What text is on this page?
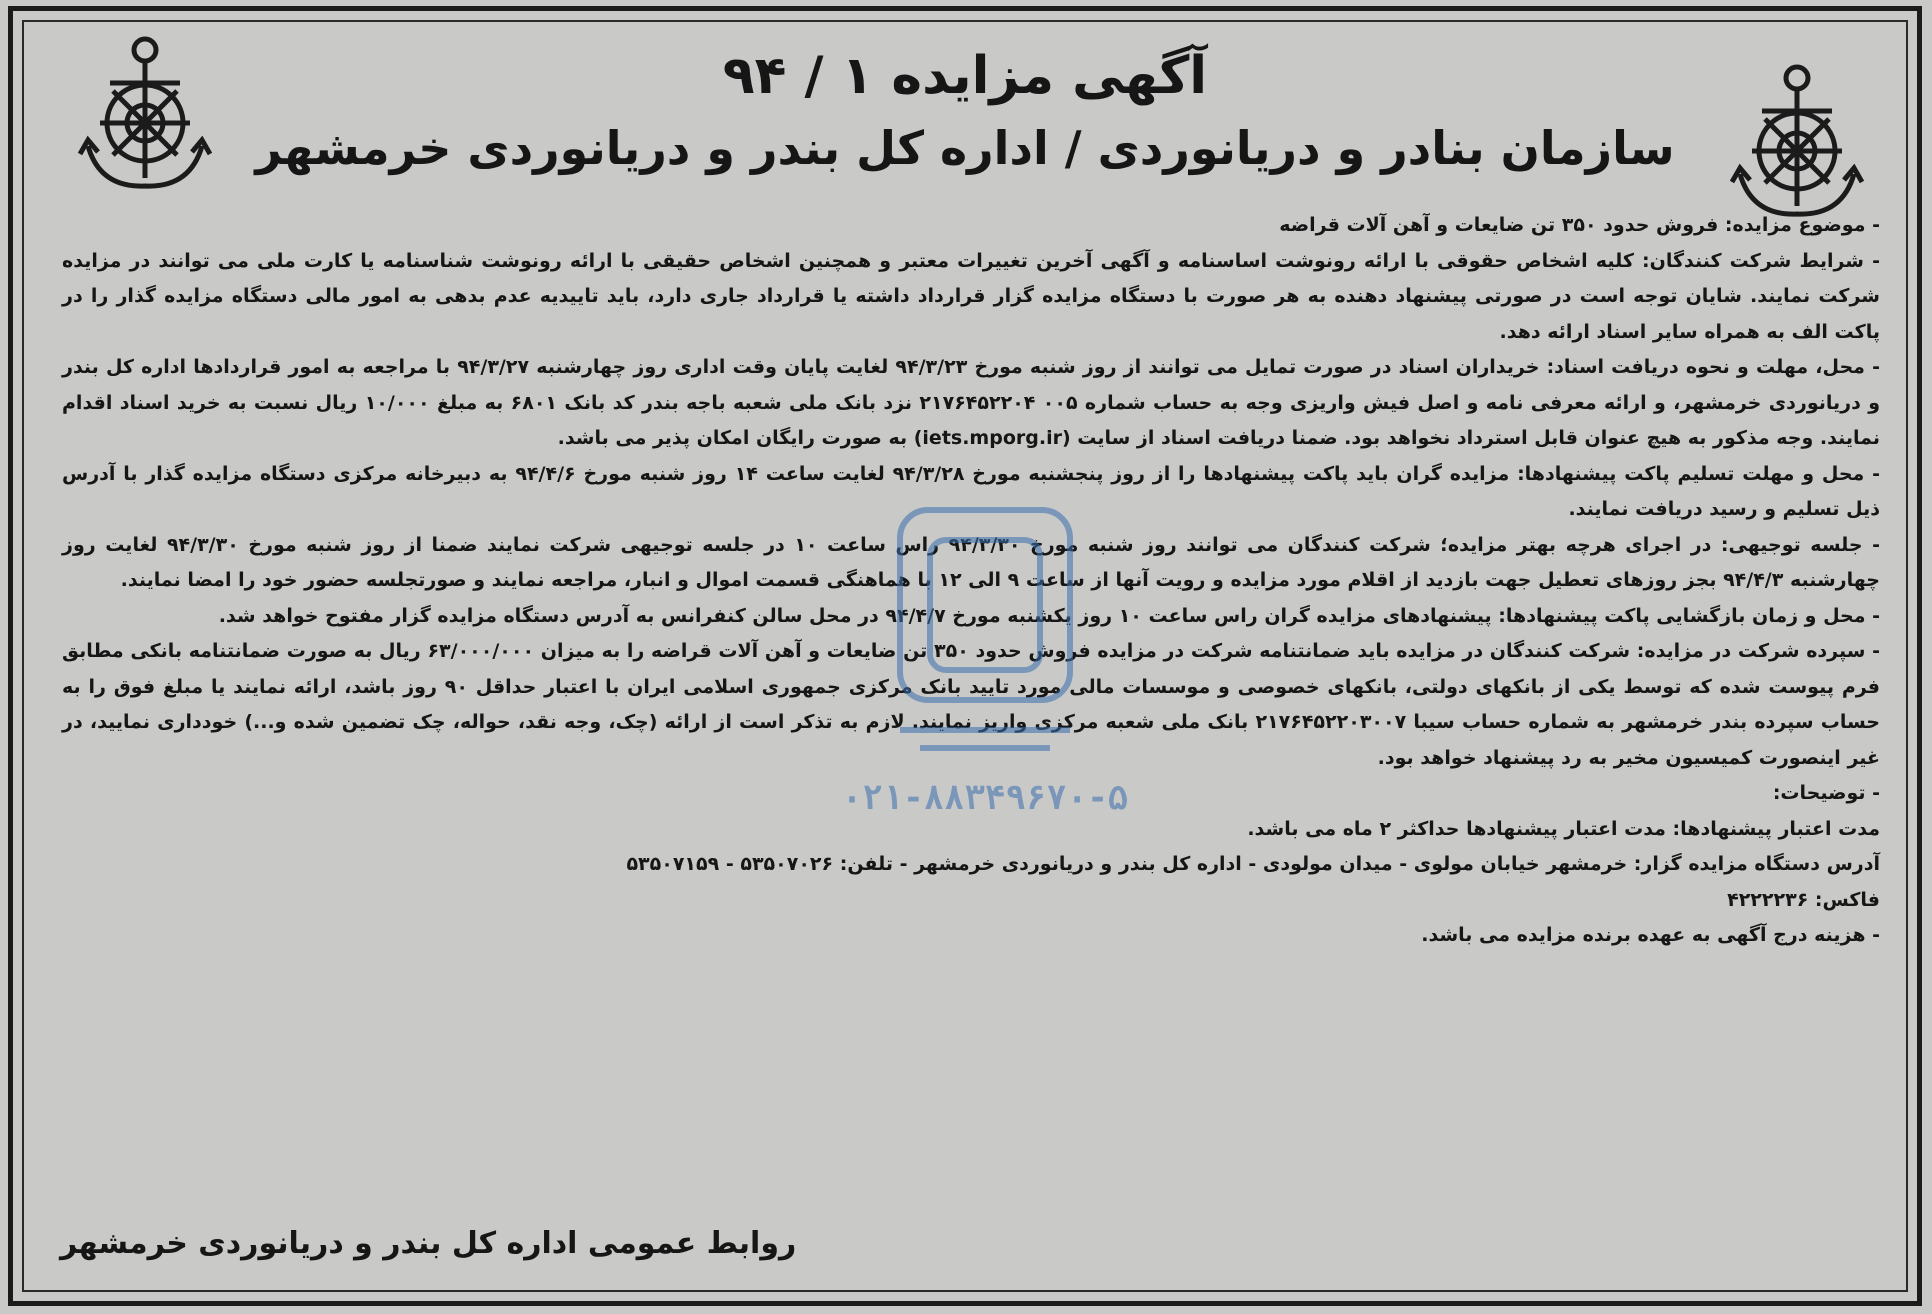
آگهی مزایده ۱ / ۹۴
سازمان بنادر و دریانوردی / اداره کل بندر و دریانوردی خرمشهر

- موضوع مزایده: فروش حدود ۳۵۰ تن ضایعات و آهن آلات قراضه

- شرایط شرکت کنندگان: کلیه اشخاص حقوقی با ارائه رونوشت اساسنامه و آگهی آخرین تغییرات معتبر و همچنین اشخاص حقیقی با ارائه رونوشت شناسنامه یا کارت ملی می توانند در مزایده شرکت نمایند. شایان توجه است در صورتی پیشنهاد دهنده به هر صورت با دستگاه مزایده گزار قرارداد داشته یا قرارداد جاری دارد، باید تاییدیه عدم بدهی به امور مالی دستگاه مزایده گذار را در پاکت الف به همراه سایر اسناد ارائه دهد.

- محل، مهلت و نحوه دریافت اسناد: خریداران اسناد در صورت تمایل می توانند از روز شنبه مورخ ۹۴/۳/۲۳ لغایت پایان وقت اداری روز چهارشنبه ۹۴/۳/۲۷ با مراجعه به امور قراردادها اداره کل بندر و دریانوردی خرمشهر، و ارائه معرفی نامه و اصل فیش واریزی وجه به حساب شماره ۰۰۵ ۲۱۷۶۴۵۲۲۰۴ نزد بانک ملی شعبه باجه بندر کد بانک ۶۸۰۱ به مبلغ ۱۰/۰۰۰ ریال نسبت به خرید اسناد اقدام نمایند. وجه مذکور به هیچ عنوان قابل استرداد نخواهد بود. ضمنا دریافت اسناد از سایت (iets.mporg.ir) به صورت رایگان امکان پذیر می باشد.

- محل و مهلت تسلیم پاکت پیشنهادها: مزایده گران باید پاکت پیشنهادها را از روز پنجشنبه مورخ ۹۴/۳/۲۸ لغایت ساعت ۱۴ روز شنبه مورخ ۹۴/۴/۶ به دبیرخانه مرکزی دستگاه مزایده گذار با آدرس ذیل تسلیم و رسید دریافت نمایند.

- جلسه توجیهی: در اجرای هرچه بهتر مزایده؛ شرکت کنندگان می توانند روز شنبه مورخ ۹۴/۳/۳۰ راس ساعت ۱۰ در جلسه توجیهی شرکت نمایند ضمنا از روز شنبه مورخ ۹۴/۳/۳۰ لغایت روز چهارشنبه ۹۴/۴/۳ بجز روزهای تعطیل جهت بازدید از اقلام مورد مزایده و رویت آنها از ساعت ۹ الی ۱۲ با هماهنگی قسمت اموال و انبار، مراجعه نمایند و صورتجلسه حضور خود را امضا نمایند.

- محل و زمان بازگشایی پاکت پیشنهادها: پیشنهادهای مزایده گران راس ساعت ۱۰ روز یکشنبه مورخ ۹۴/۴/۷ در محل سالن کنفرانس به آدرس دستگاه مزایده گزار مفتوح خواهد شد.

- سپرده شرکت در مزایده: شرکت کنندگان در مزایده باید ضمانتنامه شرکت در مزایده فروش حدود ۳۵۰ تن ضایعات و آهن آلات قراضه را به میزان ۶۳/۰۰۰/۰۰۰ ریال به صورت ضمانتنامه بانکی مطابق فرم پیوست شده که توسط یکی از بانکهای دولتی، بانکهای خصوصی و موسسات مالی مورد تایید بانک مرکزی جمهوری اسلامی ایران با اعتبار حداقل ۹۰ روز باشد، ارائه نمایند یا مبلغ فوق را به حساب سپرده بندر خرمشهر به شماره حساب سیبا ۲۱۷۶۴۵۲۲۰۳۰۰۷ بانک ملی شعبه مرکزی واریز نمایند. لازم به تذکر است از ارائه (چک، وجه نقد، حواله، چک تضمین شده و...) خودداری نمایید، در غیر اینصورت کمیسیون مخیر به رد پیشنهاد خواهد بود.

- توضیحات:

مدت اعتبار پیشنهادها: مدت اعتبار پیشنهادها حداکثر ۲ ماه می باشد.

آدرس دستگاه مزایده گزار: خرمشهر خیابان مولوی - میدان مولودی - اداره کل بندر و دریانوردی خرمشهر - تلفن: ۵۳۵۰۷۰۲۶ - ۵۳۵۰۷۱۵۹

فاکس: ۴۲۲۲۲۳۶

- هزینه درج آگهی به عهده برنده مزایده می باشد.

۰۲۱-۸۸۳۴۹۶۷۰-۵
روابط عمومی اداره کل بندر و دریانوردی خرمشهر
